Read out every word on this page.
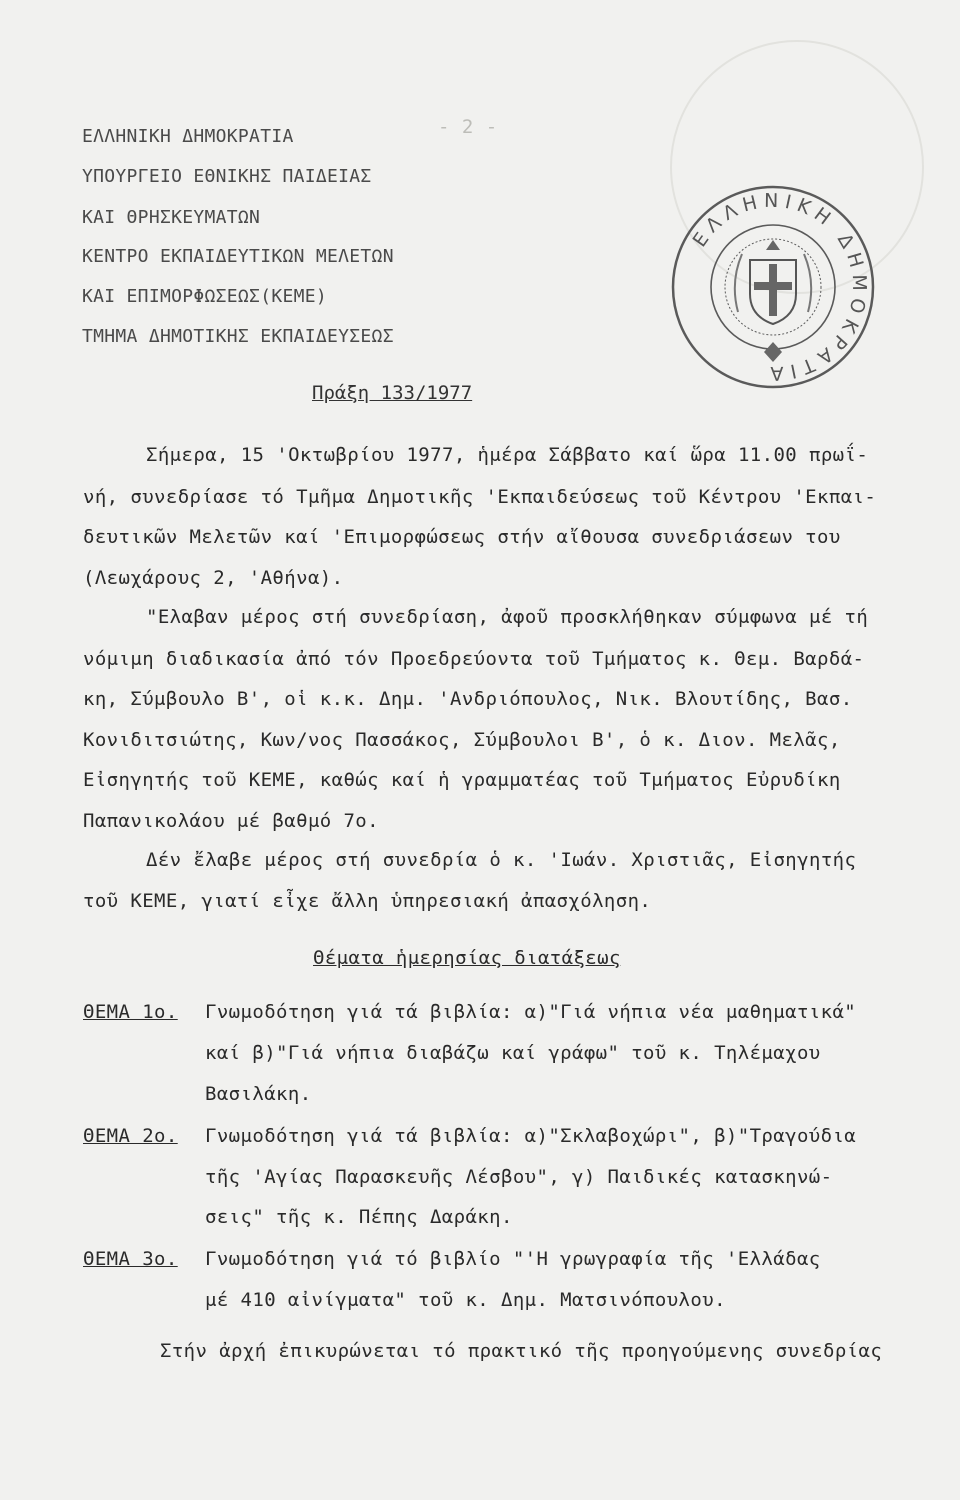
- 2 -
ΕΛΛΗΝΙΚΗ ΔΗΜΟΚΡΑΤΙΑ
ΥΠΟΥΡΓΕΙΟ ΕΘΝΙΚΗΣ ΠΑΙΔΕΙΑΣ
ΚΑΙ ΘΡΗΣΚΕΥΜΑΤΩΝ
ΚΕΝΤΡΟ ΕΚΠΑΙΔΕΥΤΙΚΩΝ ΜΕΛΕΤΩΝ
ΚΑΙ ΕΠΙΜΟΡΦΩΣΕΩΣ(ΚΕΜΕ)
ΤΜΗΜΑ ΔΗΜΟΤΙΚΗΣ ΕΚΠΑΙΔΕΥΣΕΩΣ
ΕΛΛΗΝΙΚΗ ΔΗΜΟΚΡΑΤΙΑ
Πράξη 133/1977
Σήμερα, 15 'Οκτωβρίου 1977, ἡμέρα Σάββατο καί ὥρα 11.00 πρωΐ-
νή, συνεδρίασε τό Τμῆμα Δημοτικῆς 'Εκπαιδεύσεως τοῦ Κέντρου 'Εκπαι-
δευτικῶν Μελετῶν καί 'Επιμορφώσεως στήν αἴθουσα συνεδριάσεων του
(Λεωχάρους 2, 'Αθήνα).
"Ελαβαν μέρος στή συνεδρίαση, ἀφοῦ προσκλήθηκαν σύμφωνα μέ τή
νόμιμη διαδικασία ἀπό τόν Προεδρεύοντα τοῦ Τμήματος κ. Θεμ. Βαρδά-
κη, Σύμβουλο Β', οἱ κ.κ. Δημ. 'Ανδριόπουλος, Νικ. Βλουτίδης, Βασ.
Κονιδιτσιώτης, Κων/νος Πασσάκος, Σύμβουλοι Β', ὁ κ. Διον. Μελᾶς,
Εἰσηγητής τοῦ ΚΕΜΕ, καθώς καί ἡ γραμματέας τοῦ Τμήματος Εὐρυδίκη
Παπανικολάου μέ βαθμό 7ο.
Δέν ἔλαβε μέρος στή συνεδρία ὁ κ. 'Ιωάν. Χριστιᾶς, Εἰσηγητής
τοῦ ΚΕΜΕ, γιατί εἶχε ἄλλη ὑπηρεσιακή ἀπασχόληση.
Θέματα ἡμερησίας διατάξεως
ΘΕΜΑ 1ο. Γνωμοδότηση γιά τά βιβλία: α)"Γιά νήπια νέα μαθηματικά"
καί β)"Γιά νήπια διαβάζω καί γράφω" τοῦ κ. Τηλέμαχου
Βασιλάκη.
ΘΕΜΑ 2ο. Γνωμοδότηση γιά τά βιβλία: α)"Σκλαβοχώρι", β)"Τραγούδια
τῆς 'Αγίας Παρασκευῆς Λέσβου", γ) Παιδικές κατασκηνώ-
σεις" τῆς κ. Πέπης Δαράκη.
ΘΕΜΑ 3ο. Γνωμοδότηση γιά τό βιβλίο "'Η γρωγραφία τῆς 'Ελλάδας
μέ 410 αἰνίγματα" τοῦ κ. Δημ. Ματσινόπουλου.
Στήν ἀρχή ἐπικυρώνεται τό πρακτικό τῆς προηγούμενης συνεδρίας
